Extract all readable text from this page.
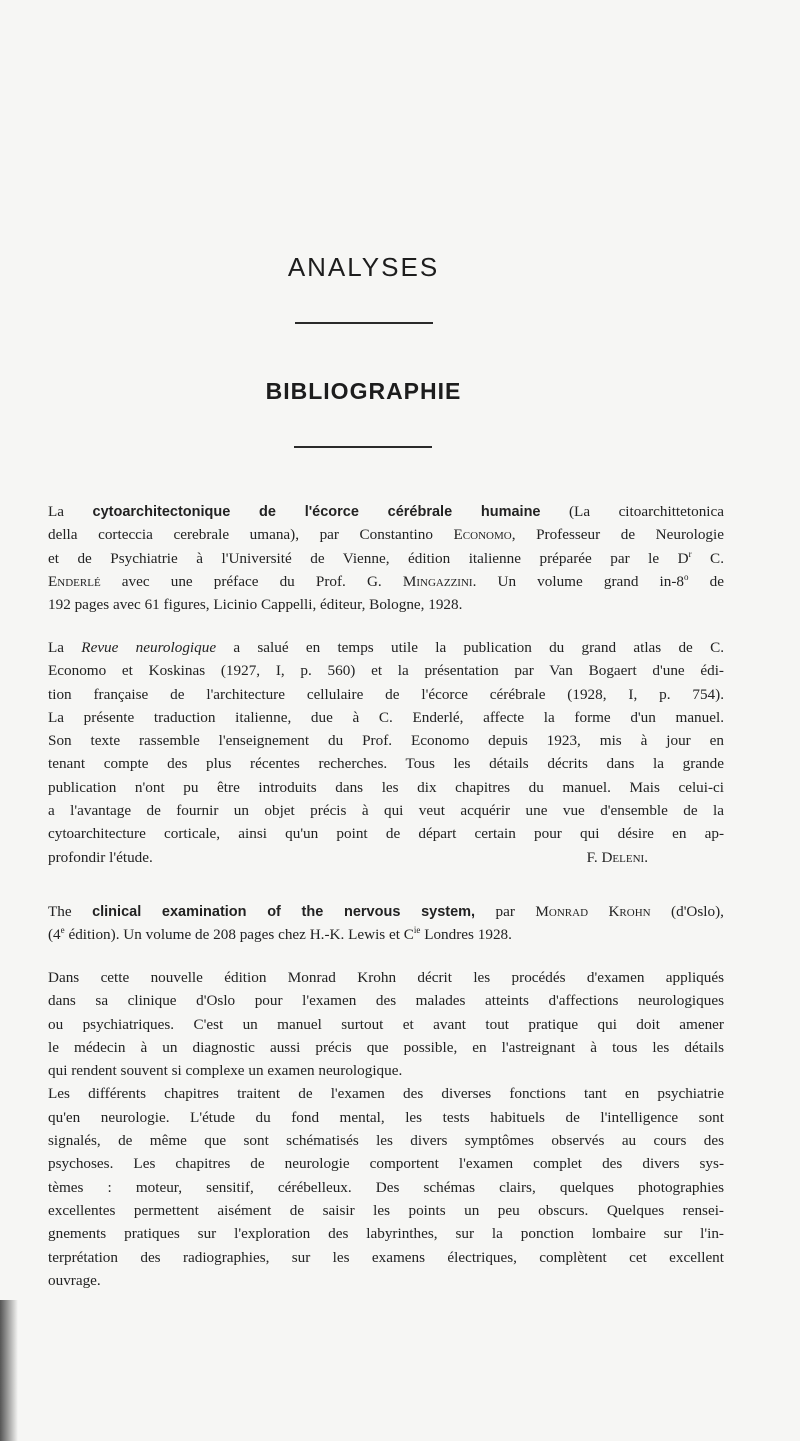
ANALYSES
BIBLIOGRAPHIE
La cytoarchitectonique de l'écorce cérébrale humaine (La citoarchittetonica
della corteccia cerebrale umana), par Constantino Economo, Professeur de Neurologie
et de Psychiatrie à l'Université de Vienne, édition italienne préparée par le $D^r$ C.
Enderlé avec une préface du Prof. G. Mingazzini. Un volume grand in-8$^o$ de
192 pages avec 61 figures, Licinio Cappelli, éditeur, Bologne, 1928.
La Revue neurologique a salué en temps utile la publication du grand atlas de C.
Economo et Koskinas (1927, I, p. 560) et la présentation par Van Bogaert d'une édi-
tion française de l'architecture cellulaire de l'écorce cérébrale (1928, I, p. 754).
La présente traduction italienne, due à C. Enderlé, affecte la forme d'un manuel.
Son texte rassemble l'enseignement du Prof. Economo depuis 1923, mis à jour en
tenant compte des plus récentes recherches. Tous les détails décrits dans la grande
publication n'ont pu être introduits dans les dix chapitres du manuel. Mais celui-ci
a l'avantage de fournir un objet précis à qui veut acquérir une vue d'ensemble de la
cytoarchitecture corticale, ainsi qu'un point de départ certain pour qui désire en ap-
profondir l'étude.	F. Deleni.
The clinical examination of the nervous system, par Monrad Krohn (d'Oslo),
(4e édition). Un volume de 208 pages chez H.-K. Lewis et $C^{ie}$ Londres 1928.
Dans cette nouvelle édition Monrad Krohn décrit les procédés d'examen appliqués
dans sa clinique d'Oslo pour l'examen des malades atteints d'affections neurologiques
ou psychiatriques. C'est un manuel surtout et avant tout pratique qui doit amener
le médecin à un diagnostic aussi précis que possible, en l'astreignant à tous les détails
qui rendent souvent si complexe un examen neurologique.
Les différents chapitres traitent de l'examen des diverses fonctions tant en psychiatrie
qu'en neurologie. L'étude du fond mental, les tests habituels de l'intelligence sont
signalés, de même que sont schématisés les divers symptômes observés au cours des
psychoses. Les chapitres de neurologie comportent l'examen complet des divers sys-
tèmes : moteur, sensitif, cérébelleux. Des schémas clairs, quelques photographies
excellentes permettent aisément de saisir les points un peu obscurs. Quelques rensei-
gnements pratiques sur l'exploration des labyrinthes, sur la ponction lombaire sur l'in-
terprétation des radiographies, sur les examens électriques, complètent cet excellent
ouvrage.
